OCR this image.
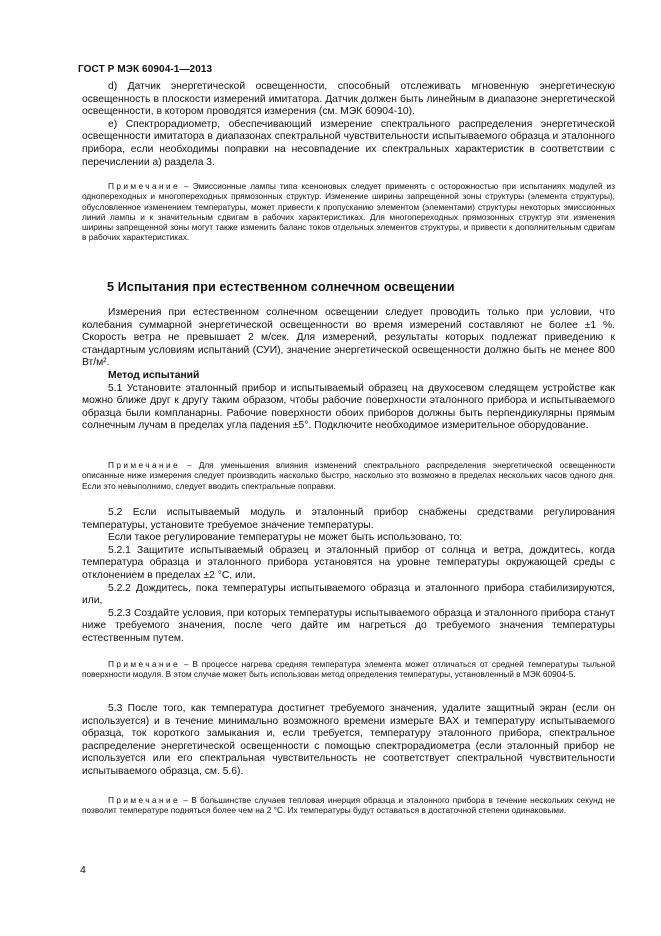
ГОСТ Р МЭК 60904-1—2013

d) Датчик энергетической освещенности, способный отслеживать мгновенную энергетическую освещенность в плоскости измерений имитатора. Датчик должен быть линейным в диапазоне энергетической освещенности, в котором проводятся измерения (см. МЭК 60904-10).

e) Спектрорадиометр, обеспечивающий измерение спектрального распределения энергетической освещенности имитатора в диапазонах спектральной чувствительности испытываемого образца и эталонного прибора, если необходимы поправки на несовпадение их спектральных характеристик в соответствии с перечислении а) раздела 3.

Примечание – Эмиссионные лампы типа ксеноновых следует применять с осторожностью при испытаниях модулей из однопереходных и многопереходных прямозонных структур. Изменение ширины запрещенной зоны структуры (элемента структуры), обусловленное изменением температуры, может привести к пропусканию элементом (элементами) структуры некоторых эмиссионных линий лампы и к значительным сдвигам в рабочих характеристиках. Для многопереходных прямозонных структур эти изменения ширины запрещенной зоны могут также изменить баланс токов отдельных элементов структуры, и привести к дополнительным сдвигам в рабочих характеристиках.

5 Испытания при естественном солнечном освещении

Измерения при естественном солнечном освещении следует проводить только при условии, что колебания суммарной энергетической освещенности во время измерений составляют не более ±1 %. Скорость ветра не превышает 2 м/сек. Для измерений, результаты которых подлежат приведению к стандартным условиям испытаний (СУИ), значение энергетической освещенности должно быть не менее 800 Вт/м².

Метод испытаний

5.1 Установите эталонный прибор и испытываемый образец на двухосевом следящем устройстве как можно ближе друг к другу таким образом, чтобы рабочие поверхности эталонного прибора и испытываемого образца были компланарны. Рабочие поверхности обоих приборов должны быть перпендикулярны прямым солнечным лучам в пределах угла падения ±5°. Подключите необходимое измерительное оборудование.

Примечание – Для уменьшения влияния изменений спектрального распределения энергетической освещенности описанные ниже измерения следует производить насколько быстро, насколько это возможно в пределах нескольких часов одного дня. Если это невыполнимо, следует вводить спектральные поправки.

5.2 Если испытываемый модуль и эталонный прибор снабжены средствами регулирования температуры, установите требуемое значение температуры.

Если такое регулирование температуры не может быть использовано, то:

5.2.1 Защитите испытываемый образец и эталонный прибор от солнца и ветра, дождитесь, когда температура образца и эталонного прибора установятся на уровне температуры окружающей среды с отклонением в пределах ±2 °С, или,

5.2.2 Дождитесь, пока температуры испытываемого образца и эталонного прибора стабилизируются, или,

5.2.3 Создайте условия, при которых температуры испытываемого образца и эталонного прибора станут ниже требуемого значения, после чего дайте им нагреться до требуемого значения температуры естественным путем.

Примечание – В процессе нагрева средняя температура элемента может отличаться от средней температуры тыльной поверхности модуля. В этом случае может быть использован метод определения температуры, установленный в МЭК 60904-5.

5.3 После того, как температура достигнет требуемого значения, удалите защитный экран (если он используется) и в течение минимально возможного времени измерьте ВАХ и температуру испытываемого образца, ток короткого замыкания и, если требуется, температуру эталонного прибора, спектральное распределение энергетической освещенности с помощью спектрорадиометра (если эталонный прибор не используется или его спектральная чувствительность не соответствует спектральной чувствительности испытываемого образца, см. 5.6).

Примечание – В большинстве случаев тепловая инерция образца и эталонного прибора в течение нескольких секунд не позволит температуре подняться более чем на 2 °С. Их температуры будут оставаться в достаточной степени одинаковыми.

4
